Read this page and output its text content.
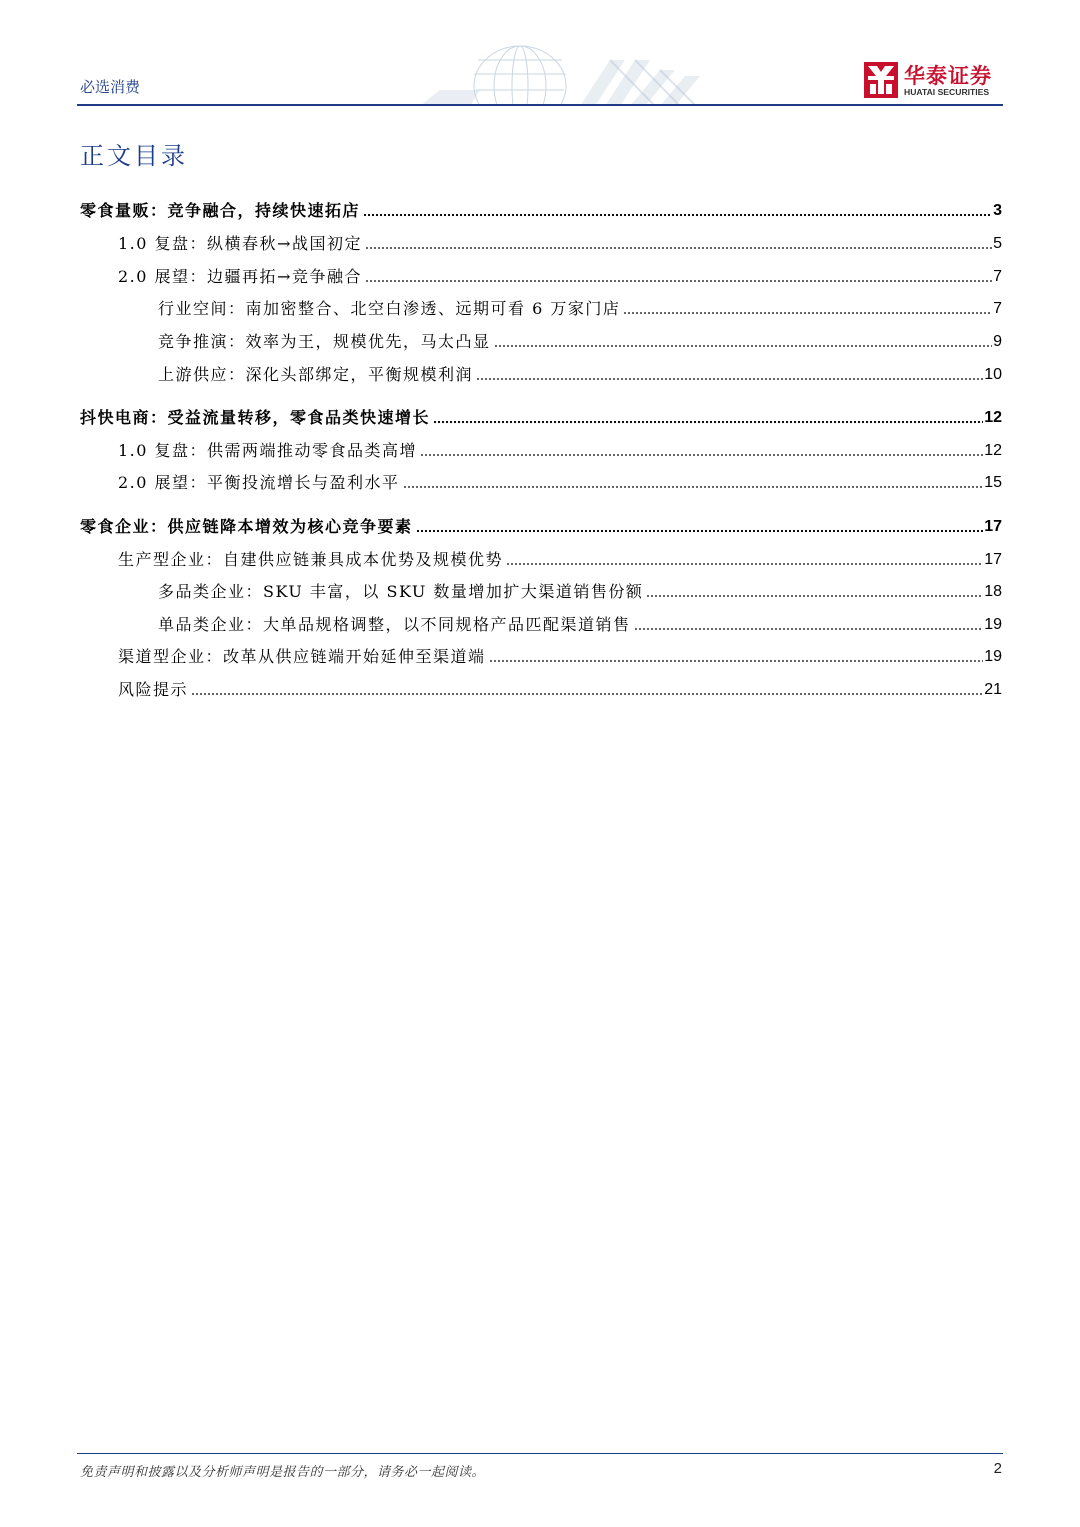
必选消费	华泰证券
HUATAI SECURITIES
正文目录
零食量贩：竞争融合，持续快速拓店	3
1.0 复盘：纵横春秋→战国初定	5
2.0 展望：边疆再拓→竞争融合	7
行业空间：南加密整合、北空白渗透、远期可看 6 万家门店	7
竞争推演：效率为王，规模优先，马太凸显	9
上游供应：深化头部绑定，平衡规模利润	10
抖快电商：受益流量转移，零食品类快速增长	12
1.0 复盘：供需两端推动零食品类高增	12
2.0 展望：平衡投流增长与盈利水平	15
零食企业：供应链降本增效为核心竞争要素	17
生产型企业：自建供应链兼具成本优势及规模优势	17
多品类企业：SKU 丰富，以 SKU 数量增加扩大渠道销售份额	18
单品类企业：大单品规格调整，以不同规格产品匹配渠道销售	19
渠道型企业：改革从供应链端开始延伸至渠道端	19
风险提示	21
免责声明和披露以及分析师声明是报告的一部分，请务必一起阅读。	2
